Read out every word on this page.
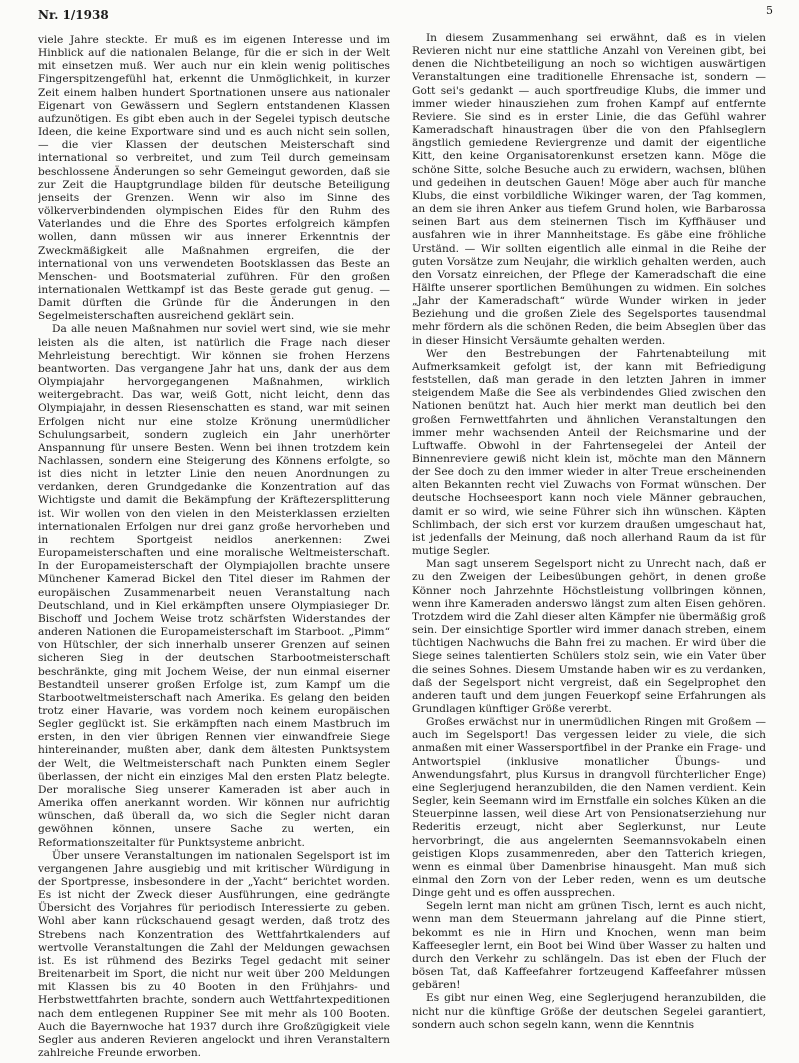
Nr. 1/1938	5

viele Jahre steckte. Er muß es im eigenen Interesse und im Hinblick auf die nationalen Belange, für die er sich in der Welt mit einsetzen muß. Wer auch nur ein klein wenig politisches Fingerspitzengefühl hat, erkennt die Unmöglichkeit, in kurzer Zeit einem halben hundert Sportnationen unsere aus nationaler Eigenart von Gewässern und Seglern entstandenen Klassen aufzunötigen. Es gibt eben auch in der Segelei typisch deutsche Ideen, die keine Exportware sind und es auch nicht sein sollen, — die vier Klassen der deutschen Meisterschaft sind international so verbreitet, und zum Teil durch gemeinsam beschlossene Änderungen so sehr Gemeingut geworden, daß sie zur Zeit die Hauptgrundlage bilden für deutsche Beteiligung jenseits der Grenzen. Wenn wir also im Sinne des völkerverbindenden olympischen Eides für den Ruhm des Vaterlandes und die Ehre des Sportes erfolgreich kämpfen wollen, dann müssen wir aus innerer Erkenntnis der Zweckmäßigkeit alle Maßnahmen ergreifen, die der international von uns verwendeten Bootsklassen das Beste an Menschen- und Bootsmaterial zuführen. Für den großen internationalen Wettkampf ist das Beste gerade gut genug. — Damit dürften die Gründe für die Änderungen in den Segelmeisterschaften ausreichend geklärt sein.

Da alle neuen Maßnahmen nur soviel wert sind, wie sie mehr leisten als die alten, ist natürlich die Frage nach dieser Mehrleistung berechtigt. Wir können sie frohen Herzens beantworten. Das vergangene Jahr hat uns, dank der aus dem Olympiajahr hervorgegangenen Maßnahmen, wirklich weitergebracht. Das war, weiß Gott, nicht leicht, denn das Olympiajahr, in dessen Riesenschatten es stand, war mit seinen Erfolgen nicht nur eine stolze Krönung unermüdlicher Schulungsarbeit, sondern zugleich ein Jahr unerhörter Anspannung für unsere Besten. Wenn bei ihnen trotzdem kein Nachlassen, sondern eine Steigerung des Könnens erfolgte, so ist dies nicht in letzter Linie den neuen Anordnungen zu verdanken, deren Grundgedanke die Konzentration auf das Wichtigste und damit die Bekämpfung der Kräftezersplitterung ist. Wir wollen von den vielen in den Meisterklassen erzielten internationalen Erfolgen nur drei ganz große hervorheben und in rechtem Sportgeist neidlos anerkennen: Zwei Europameisterschaften und eine moralische Weltmeisterschaft. In der Europameisterschaft der Olympiajollen brachte unsere Münchener Kamerad Bickel den Titel dieser im Rahmen der europäischen Zusammenarbeit neuen Veranstaltung nach Deutschland, und in Kiel erkämpften unsere Olympiasieger Dr. Bischoff und Jochem Weise trotz schärfsten Widerstandes der anderen Nationen die Europameisterschaft im Starboot. „Pimm“ von Hütschler, der sich innerhalb unserer Grenzen auf seinen sicheren Sieg in der deutschen Starbootmeisterschaft beschränkte, ging mit Jochem Weise, der nun einmal eiserner Bestandteil unserer großen Erfolge ist, zum Kampf um die Starbootweltmeisterschaft nach Amerika. Es gelang den beiden trotz einer Havarie, was vordem noch keinem europäischen Segler geglückt ist. Sie erkämpften nach einem Mastbruch im ersten, in den vier übrigen Rennen vier einwandfreie Siege hintereinander, mußten aber, dank dem ältesten Punktsystem der Welt, die Weltmeisterschaft nach Punkten einem Segler überlassen, der nicht ein einziges Mal den ersten Platz belegte. Der moralische Sieg unserer Kameraden ist aber auch in Amerika offen anerkannt worden. Wir können nur aufrichtig wünschen, daß überall da, wo sich die Segler nicht daran gewöhnen können, unsere Sache zu werten, ein Reformationszeitalter für Punktsysteme anbricht.

Über unsere Veranstaltungen im nationalen Segelsport ist im vergangenen Jahre ausgiebig und mit kritischer Würdigung in der Sportpresse, insbesondere in der „Yacht“ berichtet worden. Es ist nicht der Zweck dieser Ausführungen, eine gedrängte Übersicht des Vorjahres für periodisch Interessierte zu geben. Wohl aber kann rückschauend gesagt werden, daß trotz des Strebens nach Konzentration des Wettfahrtkalenders auf wertvolle Veranstaltungen die Zahl der Meldungen gewachsen ist. Es ist rühmend des Bezirks Tegel gedacht mit seiner Breitenarbeit im Sport, die nicht nur weit über 200 Meldungen mit Klassen bis zu 40 Booten in den Frühjahrs- und Herbstwettfahrten brachte, sondern auch Wettfahrtexpeditionen nach dem entlegenen Ruppiner See mit mehr als 100 Booten. Auch die Bayernwoche hat 1937 durch ihre Großzügigkeit viele Segler aus anderen Revieren angelockt und ihren Veranstaltern zahlreiche Freunde erworben.

In diesem Zusammenhang sei erwähnt, daß es in vielen Revieren nicht nur eine stattliche Anzahl von Vereinen gibt, bei denen die Nichtbeteiligung an noch so wichtigen auswärtigen Veranstaltungen eine traditionelle Ehrensache ist, sondern — Gott sei's gedankt — auch sportfreudige Klubs, die immer und immer wieder hinausziehen zum frohen Kampf auf entfernte Reviere. Sie sind es in erster Linie, die das Gefühl wahrer Kameradschaft hinaustragen über die von den Pfahlseglern ängstlich gemiedene Reviergrenze und damit der eigentliche Kitt, den keine Organisatorenkunst ersetzen kann. Möge die schöne Sitte, solche Besuche auch zu erwidern, wachsen, blühen und gedeihen in deutschen Gauen! Möge aber auch für manche Klubs, die einst vorbildliche Wikinger waren, der Tag kommen, an dem sie ihren Anker aus tiefem Grund holen, wie Barbarossa seinen Bart aus dem steinernen Tisch im Kyffhäuser und ausfahren wie in ihrer Mannheitstage. Es gäbe eine fröhliche Urständ. — Wir sollten eigentlich alle einmal in die Reihe der guten Vorsätze zum Neujahr, die wirklich gehalten werden, auch den Vorsatz einreichen, der Pflege der Kameradschaft die eine Hälfte unserer sportlichen Bemühungen zu widmen. Ein solches „Jahr der Kameradschaft“ würde Wunder wirken in jeder Beziehung und die großen Ziele des Segelsportes tausendmal mehr fördern als die schönen Reden, die beim Abseglen über das in dieser Hinsicht Versäumte gehalten werden.

Wer den Bestrebungen der Fahrtenabteilung mit Aufmerksamkeit gefolgt ist, der kann mit Befriedigung feststellen, daß man gerade in den letzten Jahren in immer steigendem Maße die See als verbindendes Glied zwischen den Nationen benützt hat. Auch hier merkt man deutlich bei den großen Fernwettfahrten und ähnlichen Veranstaltungen den immer mehr wachsenden Anteil der Reichsmarine und der Luftwaffe. Obwohl in der Fahrtensegelei der Anteil der Binnenreviere gewiß nicht klein ist, möchte man den Männern der See doch zu den immer wieder in alter Treue erscheinenden alten Bekannten recht viel Zuwachs von Format wünschen. Der deutsche Hochseesport kann noch viele Männer gebrauchen, damit er so wird, wie seine Führer sich ihn wünschen. Käpten Schlimbach, der sich erst vor kurzem draußen umgeschaut hat, ist jedenfalls der Meinung, daß noch allerhand Raum da ist für mutige Segler.

Man sagt unserem Segelsport nicht zu Unrecht nach, daß er zu den Zweigen der Leibesübungen gehört, in denen große Könner noch Jahrzehnte Höchstleistung vollbringen können, wenn ihre Kameraden anderswo längst zum alten Eisen gehören. Trotzdem wird die Zahl dieser alten Kämpfer nie übermäßig groß sein. Der einsichtige Sportler wird immer danach streben, einem tüchtigen Nachwuchs die Bahn frei zu machen. Er wird über die Siege seines talentierten Schülers stolz sein, wie ein Vater über die seines Sohnes. Diesem Umstande haben wir es zu verdanken, daß der Segelsport nicht vergreist, daß ein Segelprophet den anderen tauft und dem jungen Feuerkopf seine Erfahrungen als Grundlagen künftiger Größe vererbt.

Großes erwächst nur in unermüdlichen Ringen mit Großem — auch im Segelsport! Das vergessen leider zu viele, die sich anmaßen mit einer Wassersportfibel in der Pranke ein Frage- und Antwortspiel (inklusive monatlicher Übungs- und Anwendungsfahrt, plus Kursus in drangvoll fürchterlicher Enge) eine Seglerjugend heranzubilden, die den Namen verdient. Kein Segler, kein Seemann wird im Ernstfalle ein solches Küken an die Steuerpinne lassen, weil diese Art von Pensionatserziehung nur Rederitis erzeugt, nicht aber Seglerkunst, nur Leute hervorbringt, die aus angelernten Seemannsvokabeln einen geistigen Klops zusammenreden, aber den Tatterich kriegen, wenn es einmal über Damenbrise hinausgeht. Man muß sich einmal den Zorn von der Leber reden, wenn es um deutsche Dinge geht und es offen aussprechen.

Segeln lernt man nicht am grünen Tisch, lernt es auch nicht, wenn man dem Steuermann jahrelang auf die Pinne stiert, bekommt es nie in Hirn und Knochen, wenn man beim Kaffeesegler lernt, ein Boot bei Wind über Wasser zu halten und durch den Verkehr zu schlängeln. Das ist eben der Fluch der bösen Tat, daß Kaffeefahrer fortzeugend Kaffeefahrer müssen gebären!

Es gibt nur einen Weg, eine Seglerjugend heranzubilden, die nicht nur die künftige Größe der deutschen Segelei garantiert, sondern auch schon segeln kann, wenn die Kenntnis
